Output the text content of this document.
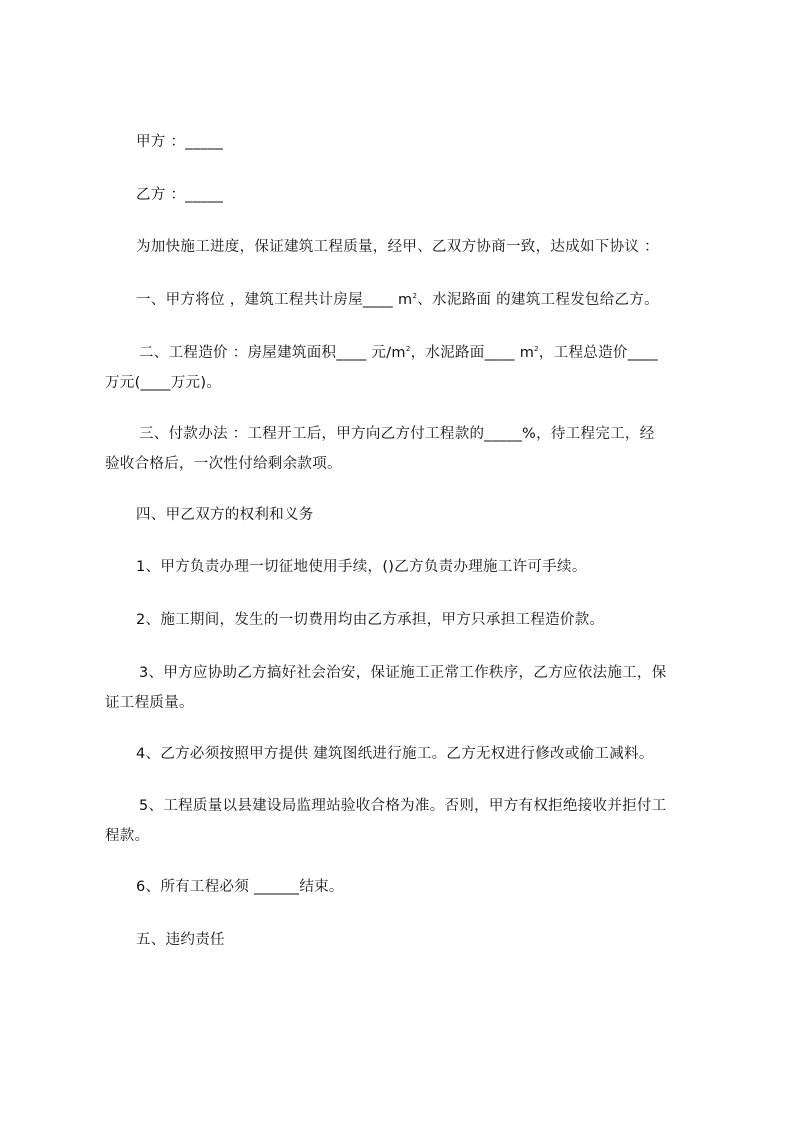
甲方 ：_____

乙方 ：_____

为加快施工进度，保证建筑工程质量，经甲、乙双方协商一致，达成如下协议 ：

一、甲方将位 ，建筑工程共计房屋____ $m^2$、水泥路面 的建筑工程发包给乙方。

二、工程造价 ：房屋建筑面积____ 元$/m^2$，水泥路面____ $m^2$，工程总造价____
万元(____万元)。

三、付款办法 ：工程开工后，甲方向乙方付工程款的_____%，待工程完工，经
验收合格后，一次性付给剩余款项。

四、甲乙双方的权利和义务

1、甲方负责办理一切征地使用手续，()乙方负责办理施工许可手续。

2、施工期间，发生的一切费用均由乙方承担，甲方只承担工程造价款。

3、甲方应协助乙方搞好社会治安，保证施工正常工作秩序，乙方应依法施工，保
证工程质量。

4、乙方必须按照甲方提供 建筑图纸进行施工。乙方无权进行修改或偷工减料。

5、工程质量以县建设局监理站验收合格为准。否则，甲方有权拒绝接收并拒付工
程款。

6、所有工程必须 ______结束。

五、违约责任
